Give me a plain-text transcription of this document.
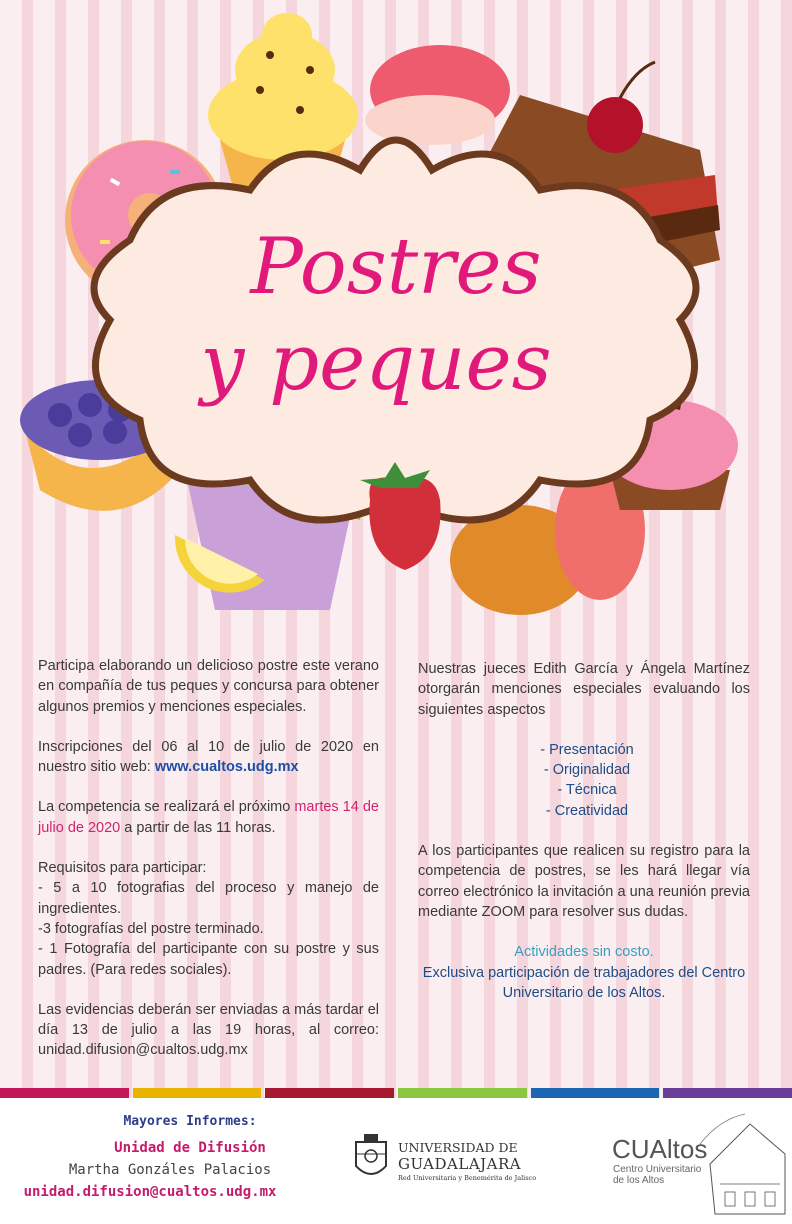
Postres
y peques

Participa elaborando un delicioso postre este verano en compañía de tus peques y concursa para obtener algunos premios y menciones especiales.

Inscripciones del 06 al 10 de julio de 2020 en nuestro sitio web: www.cualtos.udg.mx

La competencia se realizará el próximo martes 14 de julio de 2020 a partir de las 11 horas.

Requisitos para participar:

- 5 a 10 fotografias del proceso y manejo de ingredientes.

-3 fotografías del postre terminado.

- 1 Fotografía del participante con su postre y sus padres. (Para redes sociales).

Las evidencias deberán ser enviadas a más tardar el día 13 de julio a las 19 horas, al correo: unidad.difusion@cualtos.udg.mx

Nuestras jueces Edith García y Ángela Martínez otorgarán menciones especiales evaluando los siguientes aspectos

- Presentación

- Originalidad

- Técnica

- Creatividad

A los participantes que realicen su registro para la competencia de postres, se les hará llegar vía correo electrónico la invitación a una reunión previa mediante ZOOM para resolver sus dudas.

Actividades sin costo.

Exclusiva participación de trabajadores del Centro Universitario de los Altos.

Mayores Informes:
Unidad de Difusión
Martha Gonzáles Palacios
unidad.difusion@cualtos.udg.mx
UNIVERSIDAD DE
GUADALAJARA
Red Universitaria y Benemérita de Jalisco
CUAltos
Centro Universitario
de los Altos
